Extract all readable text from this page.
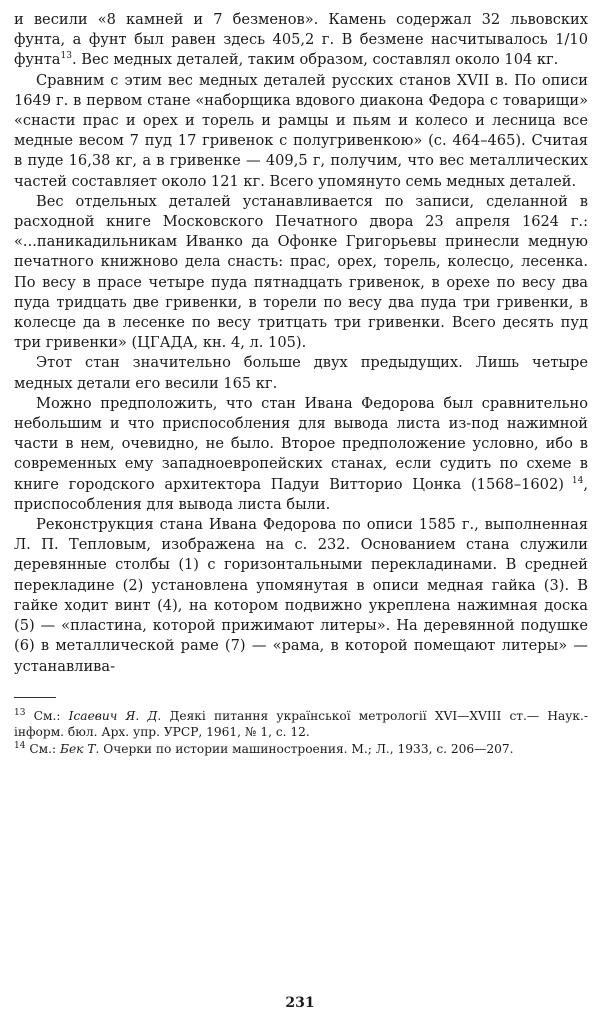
и весили «8 камней и 7 безменов». Камень содержал 32 львовских фунта, а фунт был равен здесь 405,2 г. В безмене насчитывалось 1/10 фунта$^{13}$. Вес медных деталей, таким образом, составлял около 104 кг.

Сравним с этим вес медных деталей русских станов XVII в. По описи 1649 г. в первом стане «наборщика вдового диакона Федора с товарищи» «снасти прас и орех и торель и рамцы и пьям и колесо и лесница все медные весом 7 пуд 17 гривенок с полугривенкою» (с. 464–465). Считая в пуде 16,38 кг, а в гривенке — 409,5 г, получим, что вес металлических частей составляет около 121 кг. Всего упомянуто семь медных деталей.

Вес отдельных деталей устанавливается по записи, сделанной в расходной книге Московского Печатного двора 23 апреля 1624 г.: «...паникадильникам Иванко да Офонке Григорьевы принесли медную печатного книжново дела снасть: прас, орех, торель, колесцо, лесенка. По весу в прасе четыре пуда пятнадцать гривенок, в орехе по весу два пуда тридцать две гривенки, в торели по весу два пуда три гривенки, в колесце да в лесенке по весу тритцать три гривенки. Всего десять пуд три гривенки» (ЦГАДА, кн. 4, л. 105).

Этот стан значительно больше двух предыдущих. Лишь четыре медных детали его весили 165 кг.

Можно предположить, что стан Ивана Федорова был сравнительно небольшим и что приспособления для вывода листа из-под нажимной части в нем, очевидно, не было. Второе предположение условно, ибо в современных ему западноевропейских станах, если судить по схеме в книге городского архитектора Падуи Витторио Цонка (1568–1602) $^{14}$, приспособления для вывода листа были.

Реконструкция стана Ивана Федорова по описи 1585 г., выполненная Л. П. Тепловым, изображена на с. 232. Основанием стана служили деревянные столбы (1) с горизонтальными перекладинами. В средней перекладине (2) установлена упомянутая в описи медная гайка (3). В гайке ходит винт (4), на котором подвижно укреплена нажимная доска (5) — «пластина, которой прижимают литеры». На деревянной подушке (6) в металлической раме (7) — «рама, в которой помещают литеры» — устанавлива-

$^{13}$ См.: Ісаевич Я. Д. Деякі питання української метрології XVI—XVIII ст.— Наук.-інформ. бюл. Арх. упр. УРСР, 1961, № 1, с. 12.

$^{14}$ См.: Бек Т. Очерки по истории машиностроения. М.; Л., 1933, с. 206—207.

231
